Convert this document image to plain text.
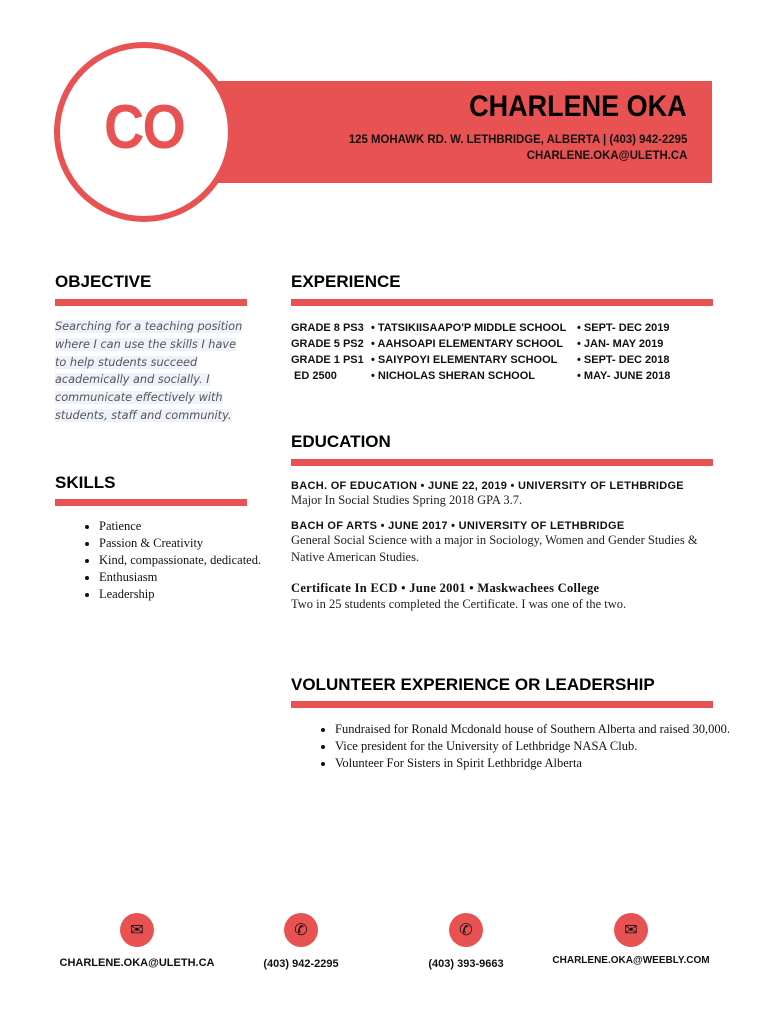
CO	CHARLENE OKA
125 MOHAWK RD. W. LETHBRIDGE, ALBERTA | (403) 942-2295
CHARLENE.OKA@ULETH.CA
OBJECTIVE
Searching for a teaching position where I can use the skills I have to help students succeed academically and socially. I communicate effectively with students, staff and community.
SKILLS
• Patience
• Passion & Creativity
• Kind, compassionate, dedicated.
• Enthusiasm
• Leadership
EXPERIENCE
GRADE 8 PS3 • TATSIKIISAAPO'P MIDDLE SCHOOL • SEPT- DEC 2019
GRADE 5 PS2 • AAHSOAPI ELEMENTARY SCHOOL	• JAN- MAY 2019
GRADE 1 PS1 • SAIYPOYI ELEMENTARY SCHOOL	• SEPT- DEC 2018
ED 2500	• NICHOLAS SHERAN SCHOOL	• MAY- JUNE 2018
EDUCATION
BACH. OF EDUCATION • JUNE 22, 2019 • UNIVERSITY OF LETHBRIDGE
Major In Social Studies Spring 2018 GPA 3.7.
BACH OF ARTS • JUNE 2017 • UNIVERSITY OF LETHBRIDGE
General Social Science with a major in Sociology, Women and Gender Studies & Native American Studies.
Certificate In ECD • June 2001 • Maskwachees College
Two in 25 students completed the Certificate. I was one of the two.
VOLUNTEER EXPERIENCE OR LEADERSHIP
• Fundraised for Ronald Mcdonald house of Southern Alberta and raised 30,000.
• Vice president for the University of Lethbridge NASA Club.
• Volunteer For Sisters in Spirit Lethbridge Alberta
✉	✆	✆	✉
CHARLENE.OKA@ULETH.CA	(403) 942-2295	(403) 393-9663	CHARLENE.OKA@WEEBLY.COM
